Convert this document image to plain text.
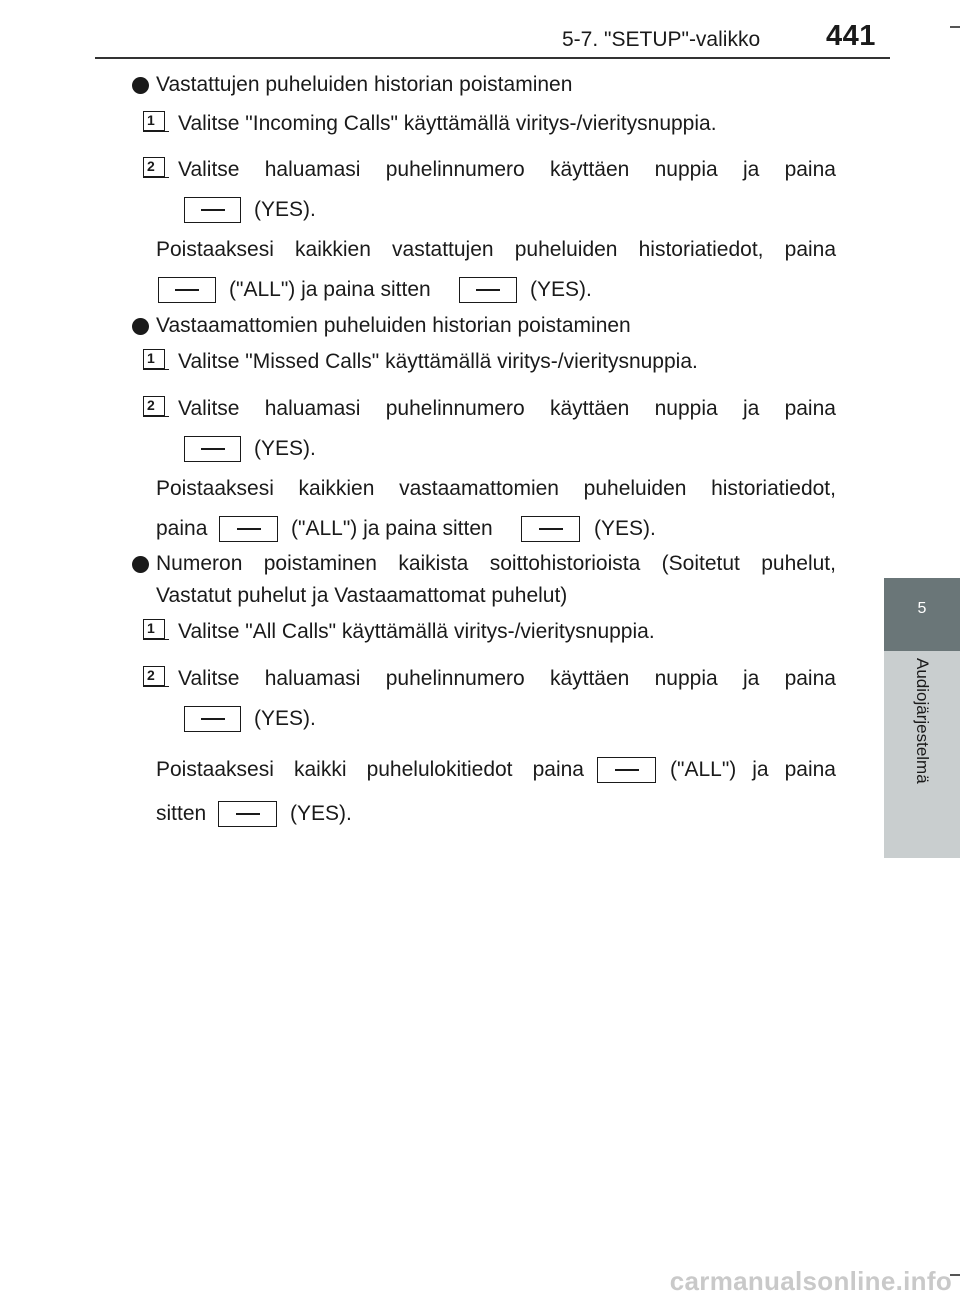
5-7. "SETUP"-valikko 441
5
Audiojärjestelmä
Vastattujen puheluiden historian poistaminen
1	Valitse "Incoming Calls" käyttämällä viritys-/vieritysnuppia.
2	Valitse haluamasi puhelinnumero käyttäen nuppia ja paina
(YES).
Poistaaksesi kaikkien vastattujen puheluiden historiatiedot, paina
("ALL") ja paina sitten	(YES).
Vastaamattomien puheluiden historian poistaminen
1	Valitse "Missed Calls" käyttämällä viritys-/vieritysnuppia.
2	Valitse haluamasi puhelinnumero käyttäen nuppia ja paina
(YES).
Poistaaksesi kaikkien vastaamattomien puheluiden historiatiedot,
paina	("ALL") ja paina sitten	(YES).
Numeron poistaminen kaikista soittohistorioista (Soitetut puhelut,
Vastatut puhelut ja Vastaamattomat puhelut)
1	Valitse "All Calls" käyttämällä viritys-/vieritysnuppia.
2	Valitse haluamasi puhelinnumero käyttäen nuppia ja paina
(YES).
Poistaaksesi kaikki puhelulokitiedot paina	("ALL") ja paina
sitten	(YES).
carmanualsonline.info
